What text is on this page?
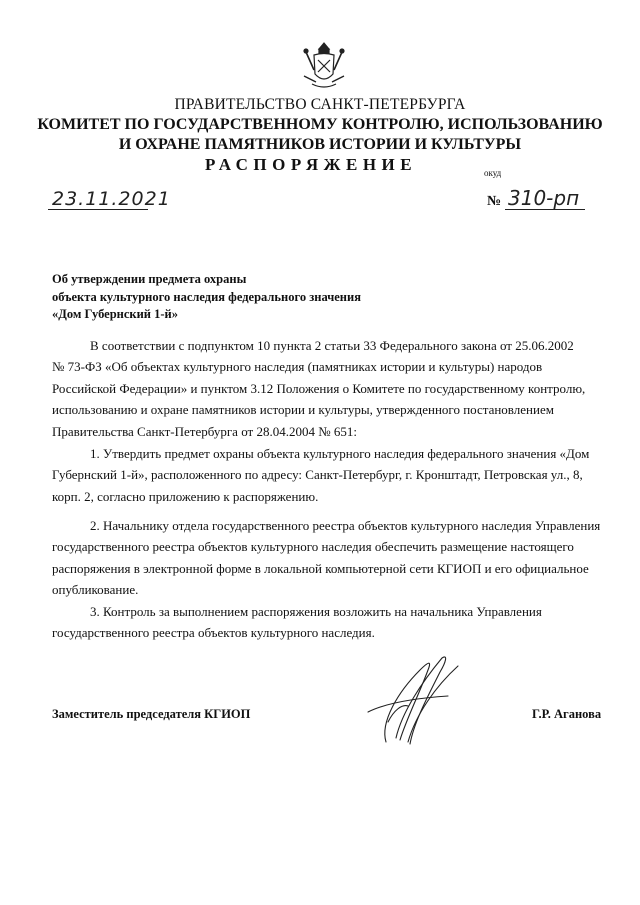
ПРАВИТЕЛЬСТВО САНКТ-ПЕТЕРБУРГА
КОМИТЕТ ПО ГОСУДАРСТВЕННОМУ КОНТРОЛЮ, ИСПОЛЬЗОВАНИЮ
И ОХРАНЕ ПАМЯТНИКОВ ИСТОРИИ И КУЛЬТУРЫ
РАСПОРЯЖЕНИЕ	окуд
23.11.2021	№ 310-рп
Об утверждении предмета охраны
объекта культурного наследия федерального значения
«Дом Губернский 1-й»
В соответствии с подпунктом 10 пункта 2 статьи 33 Федерального закона от 25.06.2002
№ 73-ФЗ «Об объектах культурного наследия (памятниках истории и культуры) народов
Российской Федерации» и пунктом 3.12 Положения о Комитете по государственному контролю,
использованию и охране памятников истории и культуры, утвержденного постановлением
Правительства Санкт-Петербурга от 28.04.2004 № 651:
1. Утвердить предмет охраны объекта культурного наследия федерального значения «Дом
Губернский 1-й», расположенного по адресу: Санкт-Петербург, г. Кронштадт, Петровская ул., 8,
корп. 2, согласно приложению к распоряжению.
2. Начальнику отдела государственного реестра объектов культурного наследия Управления
государственного реестра объектов культурного наследия обеспечить размещение настоящего
распоряжения в электронной форме в локальной компьютерной сети КГИОП и его официальное
опубликование.
3. Контроль за выполнением распоряжения возложить на начальника Управления
государственного реестра объектов культурного наследия.
Заместитель председателя КГИОП	Г.Р. Аганова
